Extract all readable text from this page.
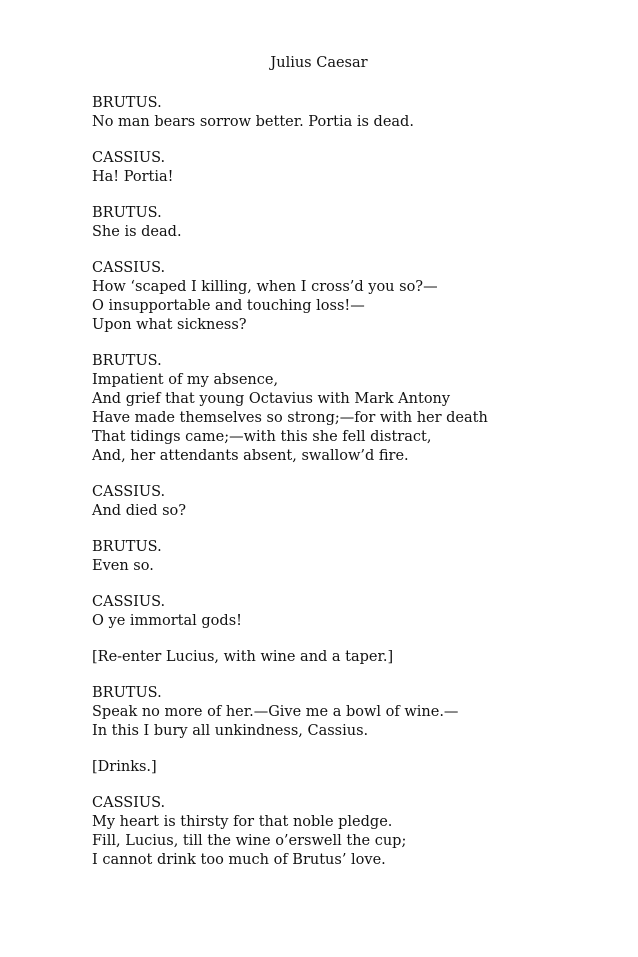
Julius Caesar
BRUTUS.
No man bears sorrow better. Portia is dead.
CASSIUS.
Ha! Portia!
BRUTUS.
She is dead.
CASSIUS.
How ‘scaped I killing, when I cross’d you so?—
O insupportable and touching loss!—
Upon what sickness?
BRUTUS.
Impatient of my absence,
And grief that young Octavius with Mark Antony
Have made themselves so strong;—for with her death
That tidings came;—with this she fell distract,
And, her attendants absent, swallow’d fire.
CASSIUS.
And died so?
BRUTUS.
Even so.
CASSIUS.
O ye immortal gods!
[Re-enter Lucius, with wine and a taper.]
BRUTUS.
Speak no more of her.—Give me a bowl of wine.—
In this I bury all unkindness, Cassius.
[Drinks.]
CASSIUS.
My heart is thirsty for that noble pledge.
Fill, Lucius, till the wine o’erswell the cup;
I cannot drink too much of Brutus’ love.
